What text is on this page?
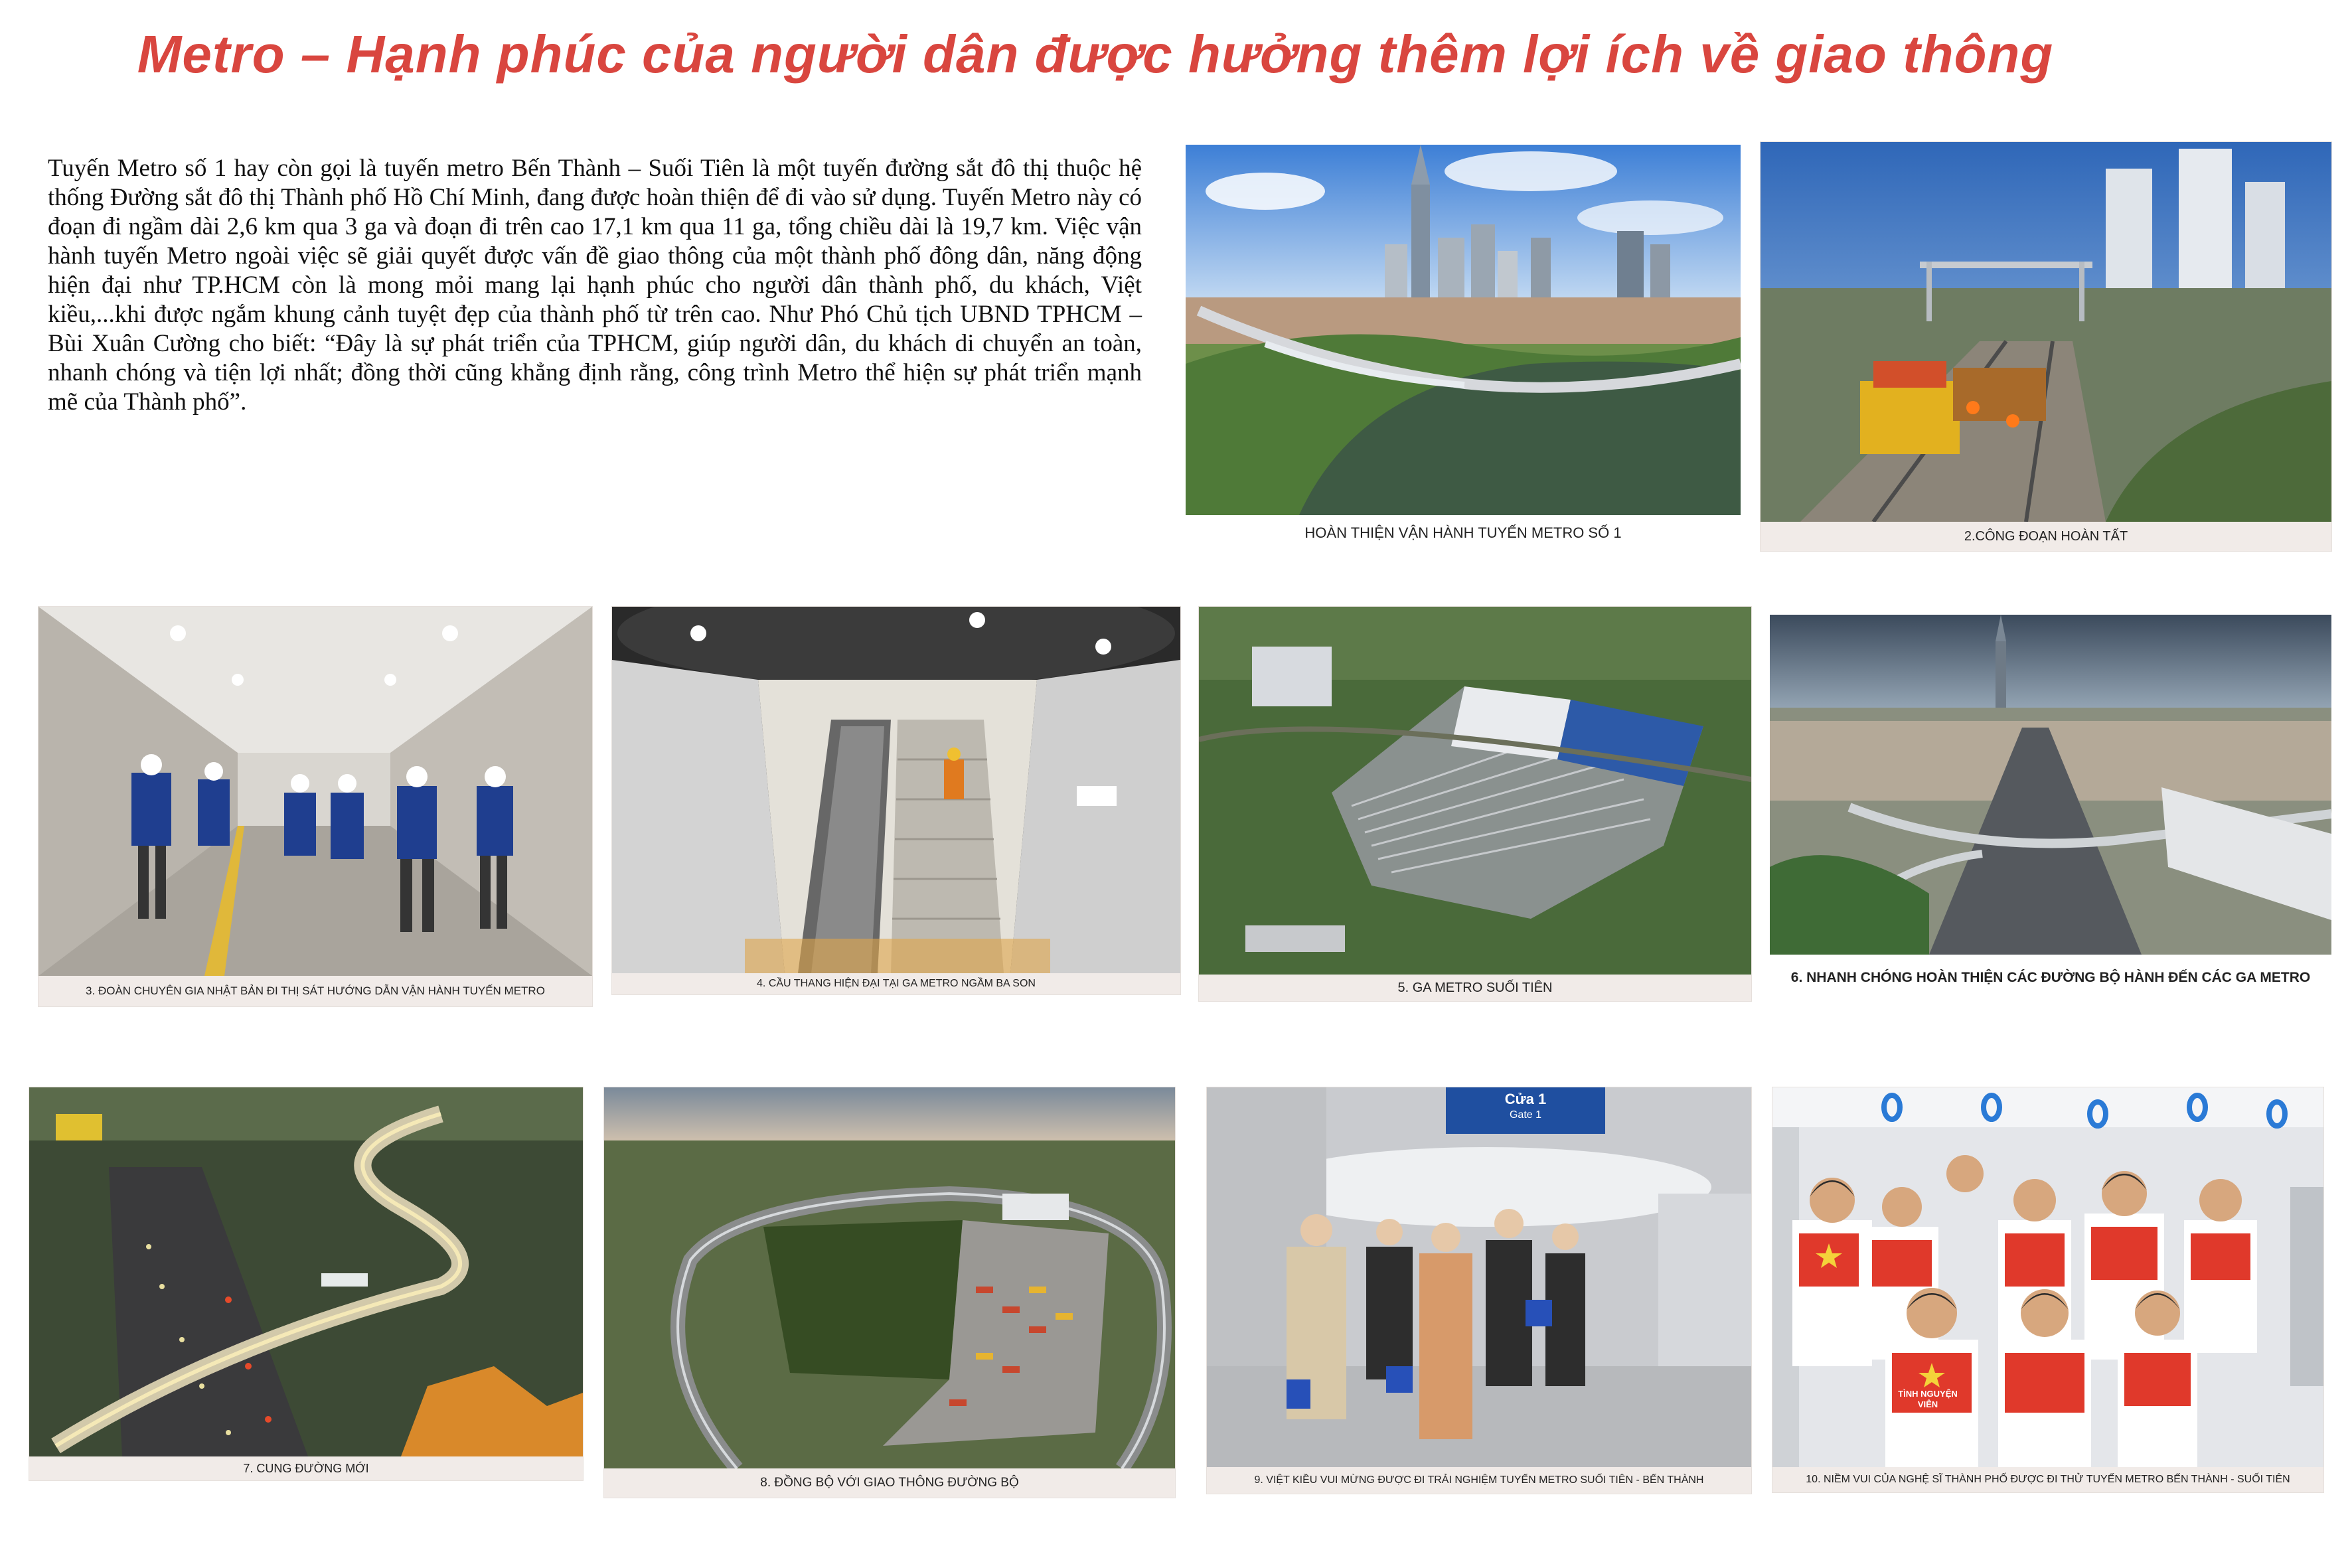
Metro – Hạnh phúc của người dân được hưởng thêm lợi ích về giao thông

Tuyến Metro số 1 hay còn gọi là tuyến metro Bến Thành – Suối Tiên là một tuyến đường sắt đô thị thuộc hệ thống Đường sắt đô thị Thành phố Hồ Chí Minh, đang được hoàn thiện để đi vào sử dụng. Tuyến Metro này có đoạn đi ngầm dài 2,6 km qua 3 ga và đoạn đi trên cao 17,1 km qua 11 ga, tổng chiều dài là 19,7 km. Việc vận hành tuyến Metro ngoài việc sẽ giải quyết được vấn đề giao thông của một thành phố đông dân, năng động hiện đại như TP.HCM còn là mong mỏi mang lại hạnh phúc cho người dân thành phố, du khách, Việt kiều,...khi được ngắm khung cảnh tuyệt đẹp của thành phố từ trên cao. Như Phó Chủ tịch UBND TPHCM – Bùi Xuân Cường cho biết: “Đây là sự phát triển của TPHCM, giúp người dân, du khách di chuyển an toàn, nhanh chóng và tiện lợi nhất; đồng thời cũng khẳng định rằng, công trình Metro thể hiện sự phát triển mạnh mẽ của Thành phố”.

HOÀN THIỆN VẬN HÀNH TUYẾN METRO SỐ 1	2.CÔNG ĐOẠN HOÀN TẤT
3. ĐOÀN CHUYÊN GIA NHẬT BẢN ĐI THỊ SÁT HƯỚNG DẪN VẬN HÀNH TUYẾN METRO
4. CẦU THANG HIỆN ĐẠI TẠI GA METRO NGẦM BA SON	5. GA METRO SUỐI TIÊN
6. NHANH CHÓNG HOÀN THIỆN CÁC ĐƯỜNG BỘ HÀNH ĐẾN CÁC GA METRO
7. CUNG ĐƯỜNG MỚI
8. ĐỒNG BỘ VỚI GIAO THÔNG ĐƯỜNG BỘ
Cửa 1
Gate 1
9. VIỆT KIỀU VUI MỪNG ĐƯỢC ĐI TRẢI NGHIỆM TUYẾN METRO SUỐI TIÊN - BẾN THÀNH
TÌNH NGUYỆN VIÊN
10. NIỀM VUI CỦA NGHỆ SĨ THÀNH PHỐ ĐƯỢC ĐI THỬ TUYẾN METRO BẾN THÀNH - SUỐI TIÊN
